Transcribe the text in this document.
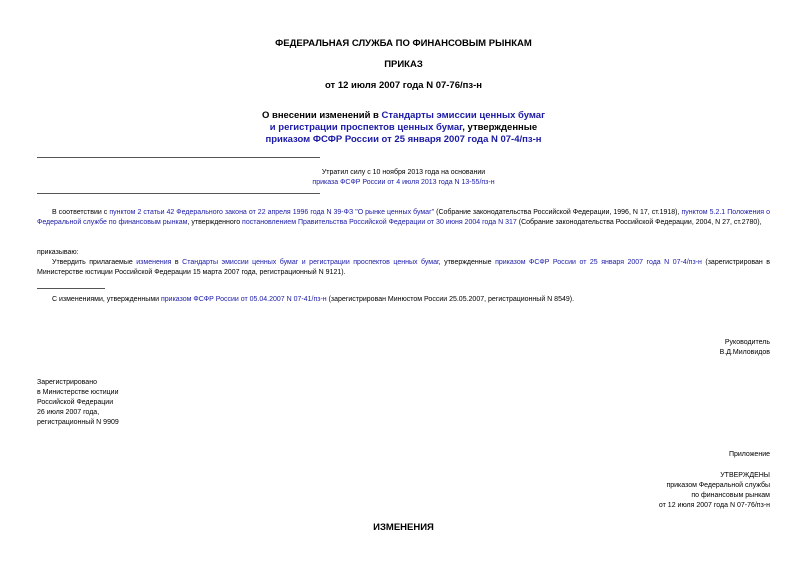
ФЕДЕРАЛЬНАЯ СЛУЖБА ПО ФИНАНСОВЫМ РЫНКАМ
ПРИКАЗ
от 12 июля 2007 года N 07-76/пз-н
О внесении изменений в Стандарты эмиссии ценных бумаг
и регистрации проспектов ценных бумаг, утвержденные
приказом ФСФР России от 25 января 2007 года N 07-4/пз-н
Утратил силу с 10 ноября 2013 года на основании
приказа ФСФР России от 4 июля 2013 года N 13-55/пз-н
В соответствии с пунктом 2 статьи 42 Федерального закона от 22 апреля 1996 года N 39-ФЗ "О рынке ценных бумаг" (Собрание законодательства Российской Федерации, 1996, N 17, ст.1918), пунктом 5.2.1 Положения о Федеральной службе по финансовым рынкам, утвержденного постановлением Правительства Российской Федерации от 30 июня 2004 года N 317 (Собрание законодательства Российской Федерации, 2004, N 27, ст.2780),
приказываю:
Утвердить прилагаемые изменения в Стандарты эмиссии ценных бумаг и регистрации проспектов ценных бумаг, утвержденные приказом ФСФР России от 25 января 2007 года N 07-4/пз-н (зарегистрирован в Министерстве юстиции Российской Федерации 15 марта 2007 года, регистрационный N 9121).
С изменениями, утвержденными приказом ФСФР России от 05.04.2007 N 07-41/пз-н (зарегистрирован Минюстом России 25.05.2007, регистрационный N 8549).
Руководитель
В.Д.Миловидов
Зарегистрировано
в Министерстве юстиции
Российской Федерации
26 июля 2007 года,
регистрационный N 9909
Приложение
УТВЕРЖДЕНЫ
приказом Федеральной службы
по финансовым рынкам
от 12 июля 2007 года N 07-76/пз-н
ИЗМЕНЕНИЯ
